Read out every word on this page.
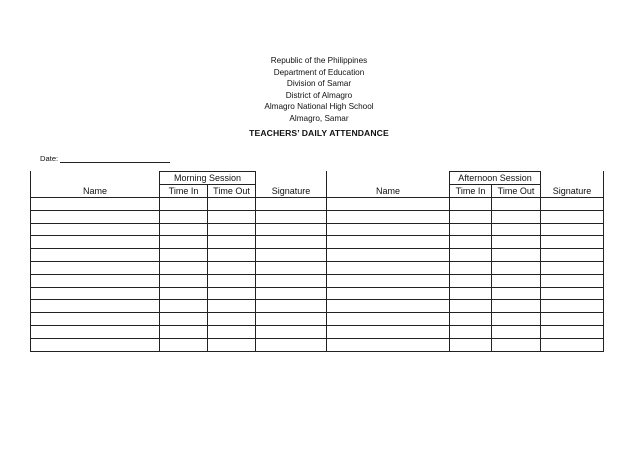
Republic of the Philippines
Department of Education
Division of Samar
District of Almagro
Almagro National High School
Almagro, Samar
TEACHERS’ DAILY ATTENDANCE
Date:
	Morning Session				Afternoon Session		
Name	Time In	Time Out	Signature	Name	Time In	Time Out	Signature
